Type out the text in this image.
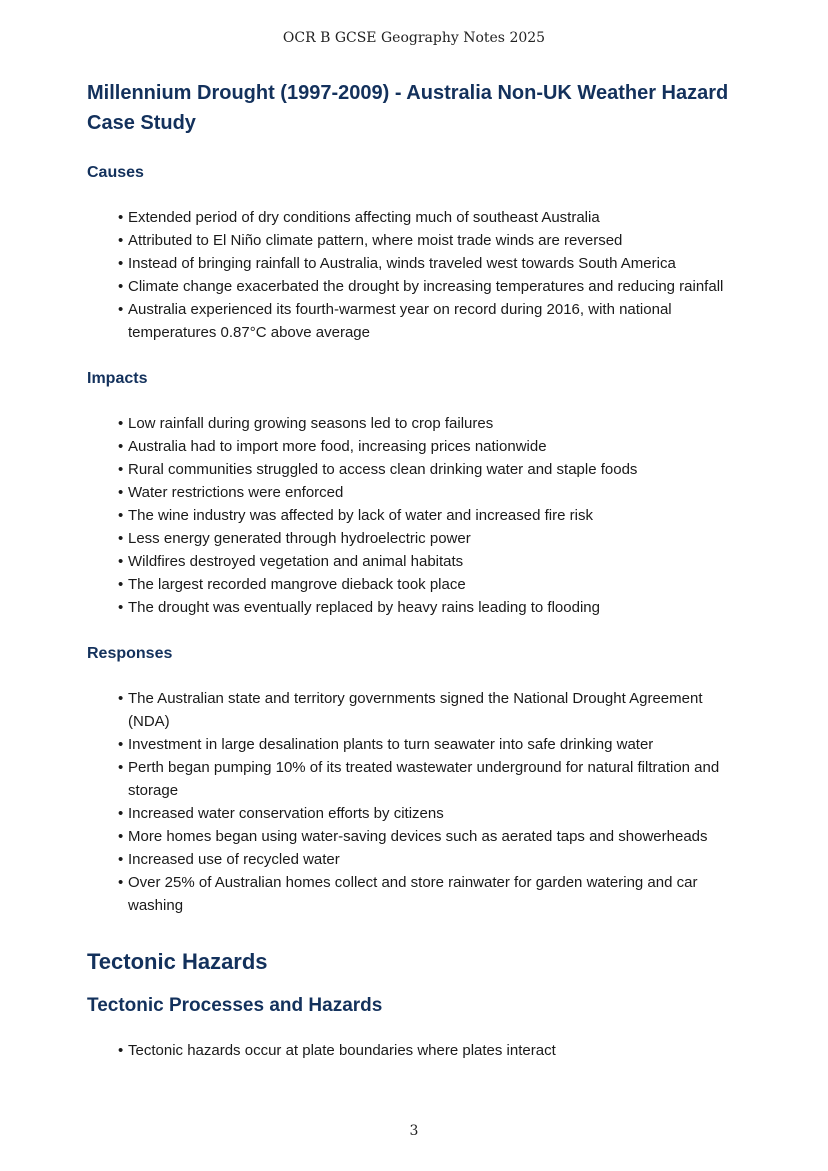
OCR B GCSE Geography Notes 2025
Millennium Drought (1997-2009) - Australia Non-UK Weather Hazard Case Study
Causes
• Extended period of dry conditions affecting much of southeast Australia
• Attributed to El Niño climate pattern, where moist trade winds are reversed
• Instead of bringing rainfall to Australia, winds traveled west towards South America
• Climate change exacerbated the drought by increasing temperatures and reducing rainfall
• Australia experienced its fourth-warmest year on record during 2016, with national temperatures 0.87°C above average
Impacts
• Low rainfall during growing seasons led to crop failures
• Australia had to import more food, increasing prices nationwide
• Rural communities struggled to access clean drinking water and staple foods
• Water restrictions were enforced
• The wine industry was affected by lack of water and increased fire risk
• Less energy generated through hydroelectric power
• Wildfires destroyed vegetation and animal habitats
• The largest recorded mangrove dieback took place
• The drought was eventually replaced by heavy rains leading to flooding
Responses
• The Australian state and territory governments signed the National Drought Agreement (NDA)
• Investment in large desalination plants to turn seawater into safe drinking water
• Perth began pumping 10% of its treated wastewater underground for natural filtration and storage
• Increased water conservation efforts by citizens
• More homes began using water-saving devices such as aerated taps and showerheads
• Increased use of recycled water
• Over 25% of Australian homes collect and store rainwater for garden watering and car washing
Tectonic Hazards
Tectonic Processes and Hazards
• Tectonic hazards occur at plate boundaries where plates interact
3
